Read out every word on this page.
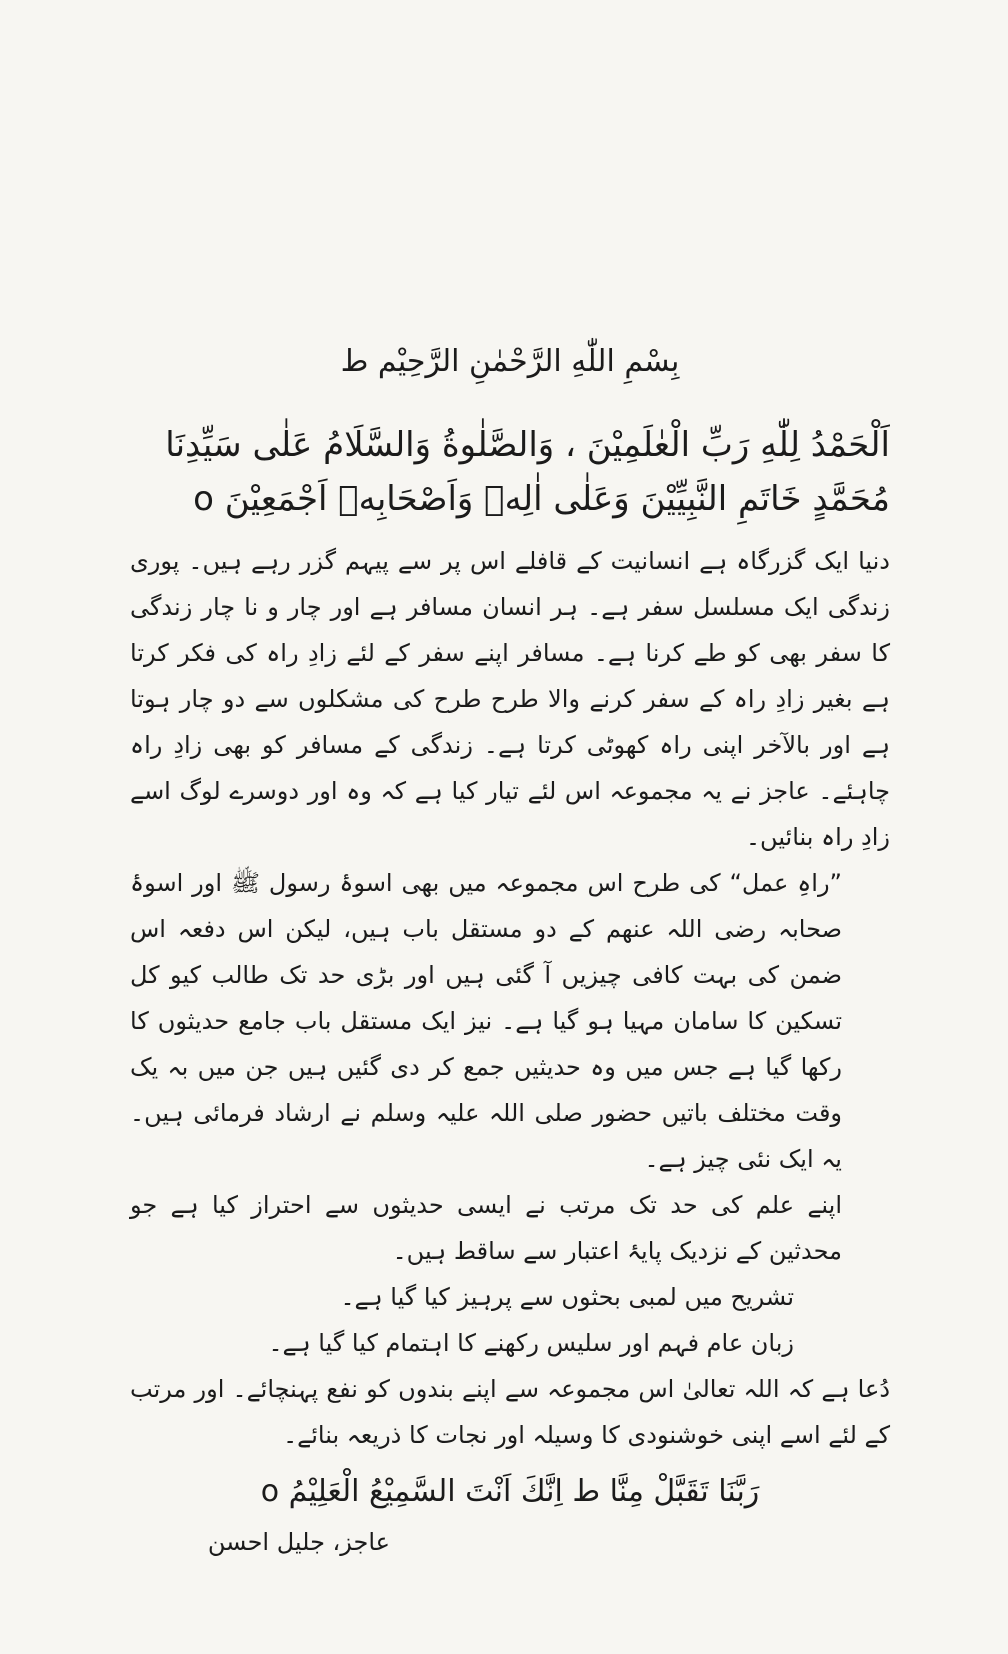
بِسْمِ اللّٰهِ الرَّحْمٰنِ الرَّحِيْم ط
اَلْحَمْدُ لِلّٰهِ رَبِّ الْعٰلَمِيْنَ ، وَالصَّلٰوةُ وَالسَّلَامُ عَلٰى سَيِّدِنَا
مُحَمَّدٍ خَاتَمِ النَّبِيِّيْنَ وَعَلٰى اٰلِهٖ وَاَصْحَابِهٖ اَجْمَعِيْنَ o

دنیا ایک گزرگاہ ہے انسانیت کے قافلے اس پر سے پیہم گزر رہے ہیں۔ پوری زندگی ایک مسلسل سفر ہے۔ ہر انسان مسافر ہے اور چار و نا چار زندگی کا سفر بھی کو طے کرنا ہے۔ مسافر اپنے سفر کے لئے زادِ راہ کی فکر کرتا ہے بغیر زادِ راہ کے سفر کرنے والا طرح طرح کی مشکلوں سے دو چار ہوتا ہے اور بالآخر اپنی راہ کھوٹی کرتا ہے۔ زندگی کے مسافر کو بھی زادِ راہ چاہئے۔ عاجز نے یہ مجموعہ اس لئے تیار کیا ہے کہ وہ اور دوسرے لوگ اسے زادِ راہ بنائیں۔

”راہِ عمل“ کی طرح اس مجموعہ میں بھی اسوۂ رسول ﷺ اور اسوۂ صحابہ رضی اللہ عنھم کے دو مستقل باب ہیں، لیکن اس دفعہ اس ضمن کی بہت کافی چیزیں آ گئی ہیں اور بڑی حد تک طالب کیو کل تسکین کا سامان مہیا ہو گیا ہے۔ نیز ایک مستقل باب جامع حدیثوں کا رکھا گیا ہے جس میں وہ حدیثیں جمع کر دی گئیں ہیں جن میں بہ یک وقت مختلف باتیں حضور صلی اللہ علیہ وسلم نے ارشاد فرمائی ہیں۔ یہ ایک نئی چیز ہے۔

اپنے علم کی حد تک مرتب نے ایسی حدیثوں سے احتراز کیا ہے جو محدثین کے نزدیک پایۂ اعتبار سے ساقط ہیں۔

تشریح میں لمبی بحثوں سے پرہیز کیا گیا ہے۔

زبان عام فہم اور سلیس رکھنے کا اہتمام کیا گیا ہے۔

دُعا ہے کہ اللہ تعالیٰ اس مجموعہ سے اپنے بندوں کو نفع پہنچائے۔ اور مرتب کے لئے اسے اپنی خوشنودی کا وسیلہ اور نجات کا ذریعہ بنائے۔

رَبَّنَا تَقَبَّلْ مِنَّا ط اِنَّكَ اَنْتَ السَّمِيْعُ الْعَلِيْمُ o

عاجز، جلیل احسن
